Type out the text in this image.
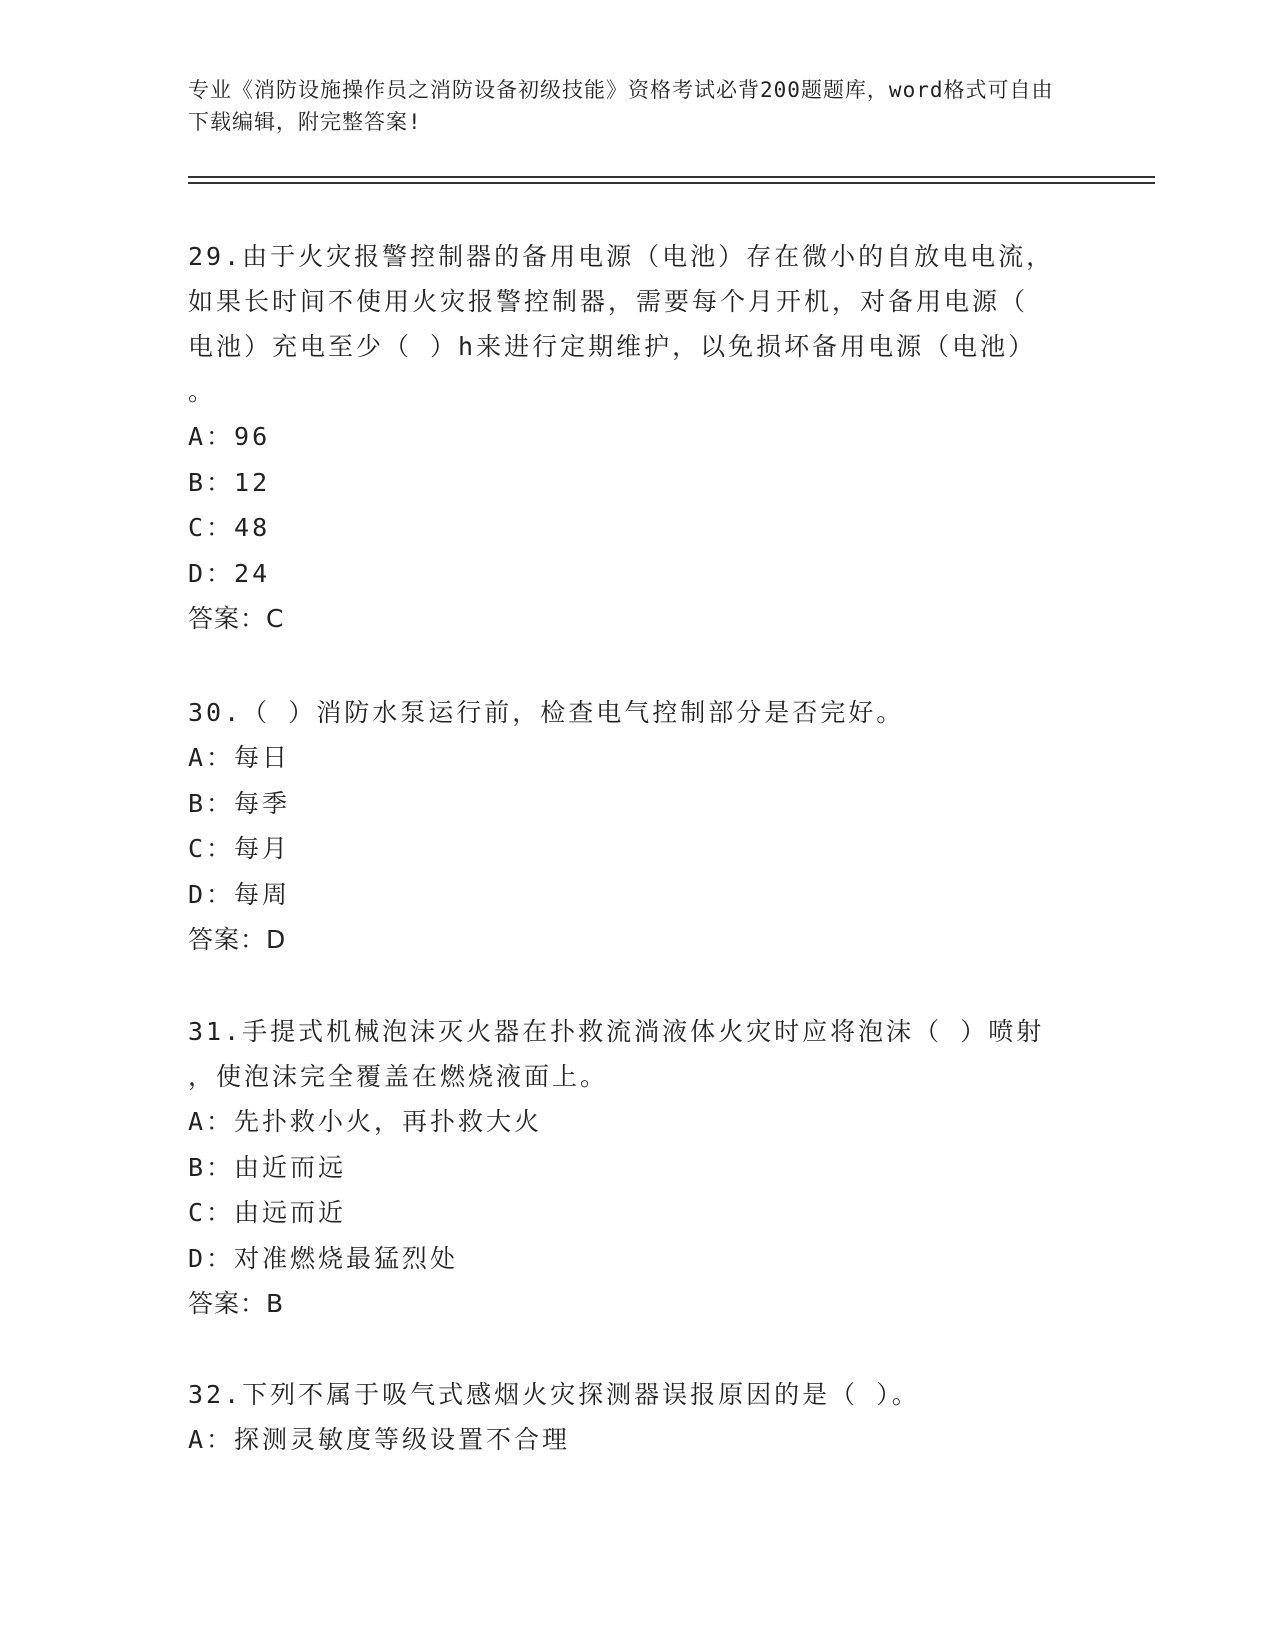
专业《消防设施操作员之消防设备初级技能》资格考试必背200题题库，word格式可自由下载编辑，附完整答案!

29.由于火灾报警控制器的备用电源（电池）存在微小的自放电电流，

如果长时间不使用火灾报警控制器，需要每个月开机，对备用电源（

电池）充电至少（ ）h来进行定期维护，以免损坏备用电源（电池）

。

A：96

B：12

C：48

D：24

答案：C

30.（ ）消防水泵运行前，检查电气控制部分是否完好。

A：每日

B：每季

C：每月

D：每周

答案：D

31.手提式机械泡沫灭火器在扑救流淌液体火灾时应将泡沫（ ）喷射

，使泡沫完全覆盖在燃烧液面上。

A：先扑救小火，再扑救大火

B：由近而远

C：由远而近

D：对准燃烧最猛烈处

答案：B

32.下列不属于吸气式感烟火灾探测器误报原因的是（ ）。

A：探测灵敏度等级设置不合理
